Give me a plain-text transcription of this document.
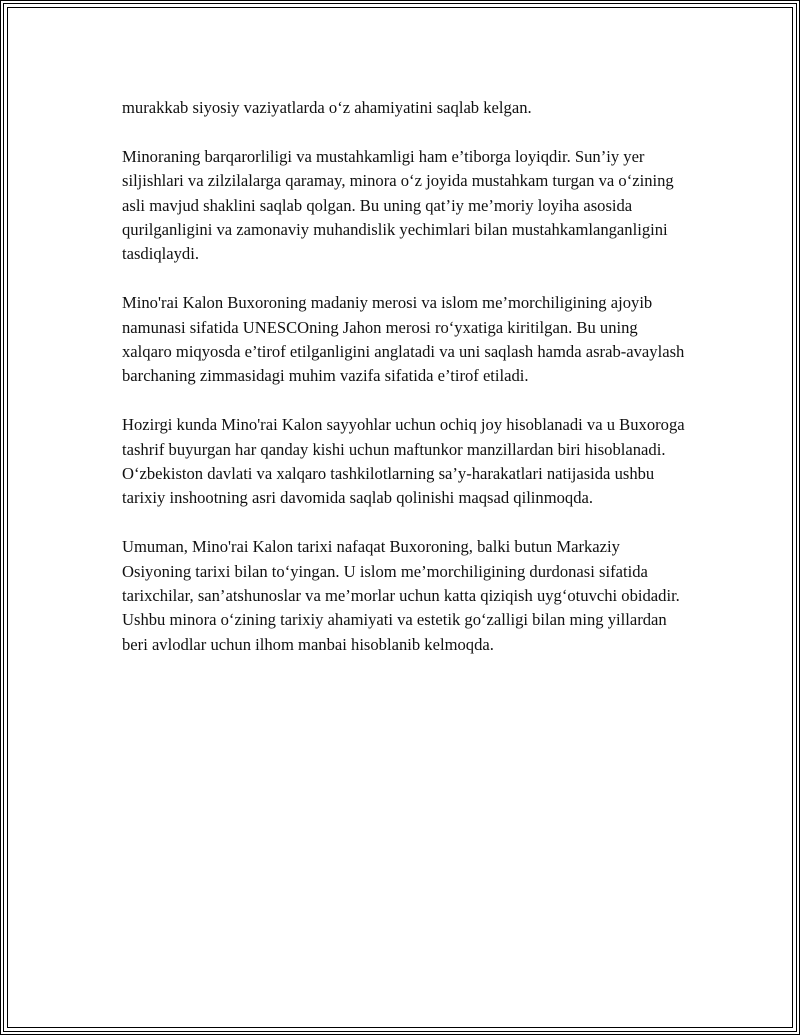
murakkab siyosiy vaziyatlarda o‘z ahamiyatini saqlab kelgan.

Minoraning barqarorliligi va mustahkamligi ham e’tiborga loyiqdir. Sun’iy yer siljishlari va zilzilalarga qaramay, minora o‘z joyida mustahkam turgan va o‘zining asli mavjud shaklini saqlab qolgan. Bu uning qat’iy me’moriy loyiha asosida qurilganligini va zamonaviy muhandislik yechimlari bilan mustahkamlanganligini tasdiqlaydi.

Mino'rai Kalon Buxoroning madaniy merosi va islom me’morchiligining ajoyib namunasi sifatida UNESCOning Jahon merosi ro‘yxatiga kiritilgan. Bu uning xalqaro miqyosda e’tirof etilganligini anglatadi va uni saqlash hamda asrab-avaylash barchaning zimmasidagi muhim vazifa sifatida e’tirof etiladi.

Hozirgi kunda Mino'rai Kalon sayyohlar uchun ochiq joy hisoblanadi va u Buxoroga tashrif buyurgan har qanday kishi uchun maftunkor manzillardan biri hisoblanadi. O‘zbekiston davlati va xalqaro tashkilotlarning sa’y-harakatlari natijasida ushbu tarixiy inshootning asri davomida saqlab qolinishi maqsad qilinmoqda.

Umuman, Mino'rai Kalon tarixi nafaqat Buxoroning, balki butun Markaziy Osiyoning tarixi bilan to‘yingan. U islom me’morchiligining durdonasi sifatida tarixchilar, san’atshunoslar va me’morlar uchun katta qiziqish uyg‘otuvchi obidadir. Ushbu minora o‘zining tarixiy ahamiyati va estetik go‘zalligi bilan ming yillardan beri avlodlar uchun ilhom manbai hisoblanib kelmoqda.
